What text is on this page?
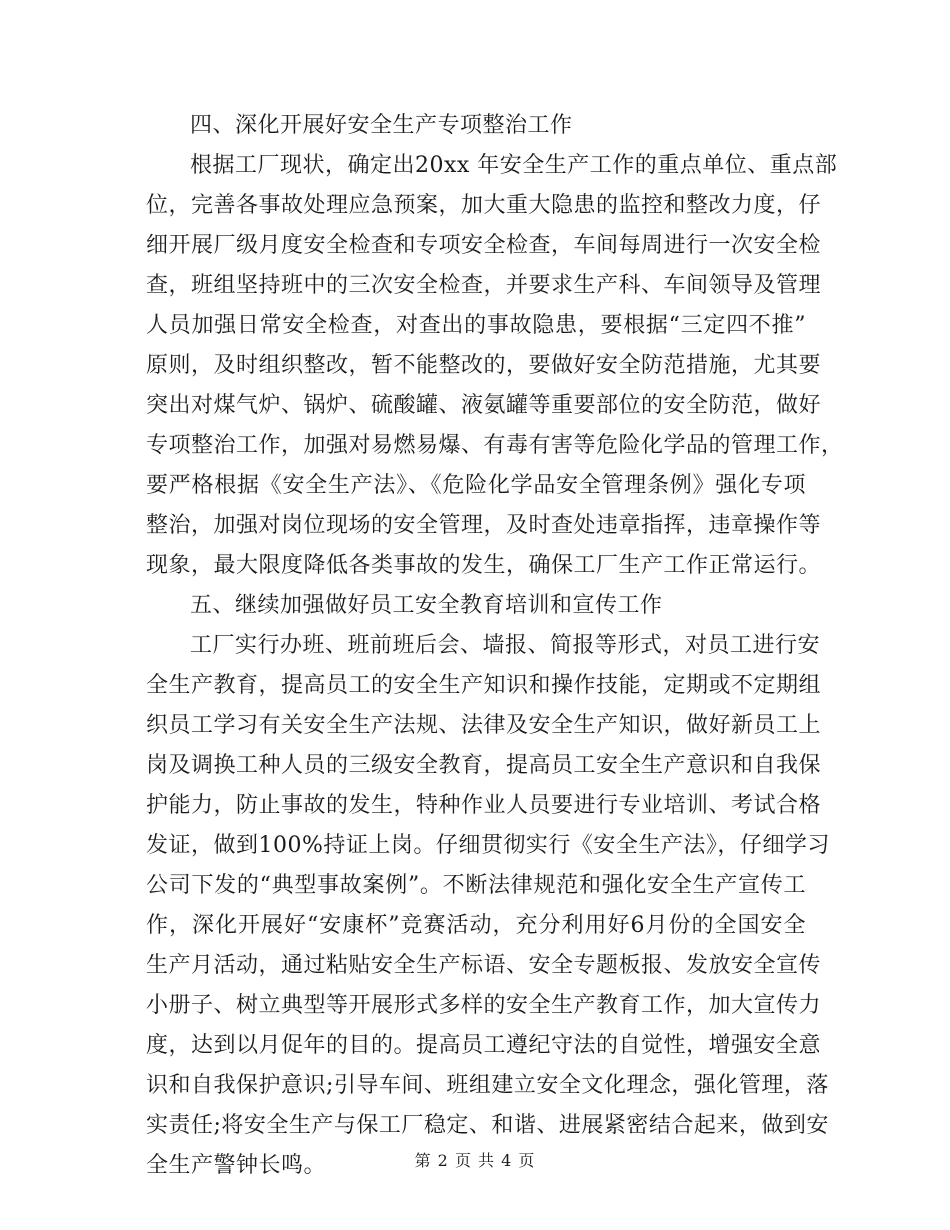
四、深化开展好安全生产专项整治工作
根据工厂现状，确定出20xx 年安全生产工作的重点单位、重点部
位，完善各事故处理应急预案，加大重大隐患的监控和整改力度，仔
细开展厂级月度安全检查和专项安全检查，车间每周进行一次安全检
查，班组坚持班中的三次安全检查，并要求生产科、车间领导及管理
人员加强日常安全检查，对查出的事故隐患，要根据“三定四不推”
原则，及时组织整改，暂不能整改的，要做好安全防范措施，尤其要
突出对煤气炉、锅炉、硫酸罐、液氨罐等重要部位的安全防范，做好
专项整治工作，加强对易燃易爆、有毒有害等危险化学品的管理工作，
要严格根据《安全生产法》、《危险化学品安全管理条例》强化专项
整治，加强对岗位现场的安全管理，及时查处违章指挥，违章操作等
现象，最大限度降低各类事故的发生，确保工厂生产工作正常运行。
五、继续加强做好员工安全教育培训和宣传工作
工厂实行办班、班前班后会、墙报、简报等形式，对员工进行安
全生产教育，提高员工的安全生产知识和操作技能，定期或不定期组
织员工学习有关安全生产法规、法律及安全生产知识，做好新员工上
岗及调换工种人员的三级安全教育，提高员工安全生产意识和自我保
护能力，防止事故的发生，特种作业人员要进行专业培训、考试合格
发证，做到100%持证上岗。仔细贯彻实行《安全生产法》，仔细学习
公司下发的“典型事故案例”。不断法律规范和强化安全生产宣传工
作，深化开展好“安康杯”竞赛活动，充分利用好6月份的全国安全
生产月活动，通过粘贴安全生产标语、安全专题板报、发放安全宣传
小册子、树立典型等开展形式多样的安全生产教育工作，加大宣传力
度，达到以月促年的目的。提高员工遵纪守法的自觉性，增强安全意
识和自我保护意识;引导车间、班组建立安全文化理念，强化管理，落
实责任;将安全生产与保工厂稳定、和谐、进展紧密结合起来，做到安
全生产警钟长鸣。	第 2 页 共 4 页
